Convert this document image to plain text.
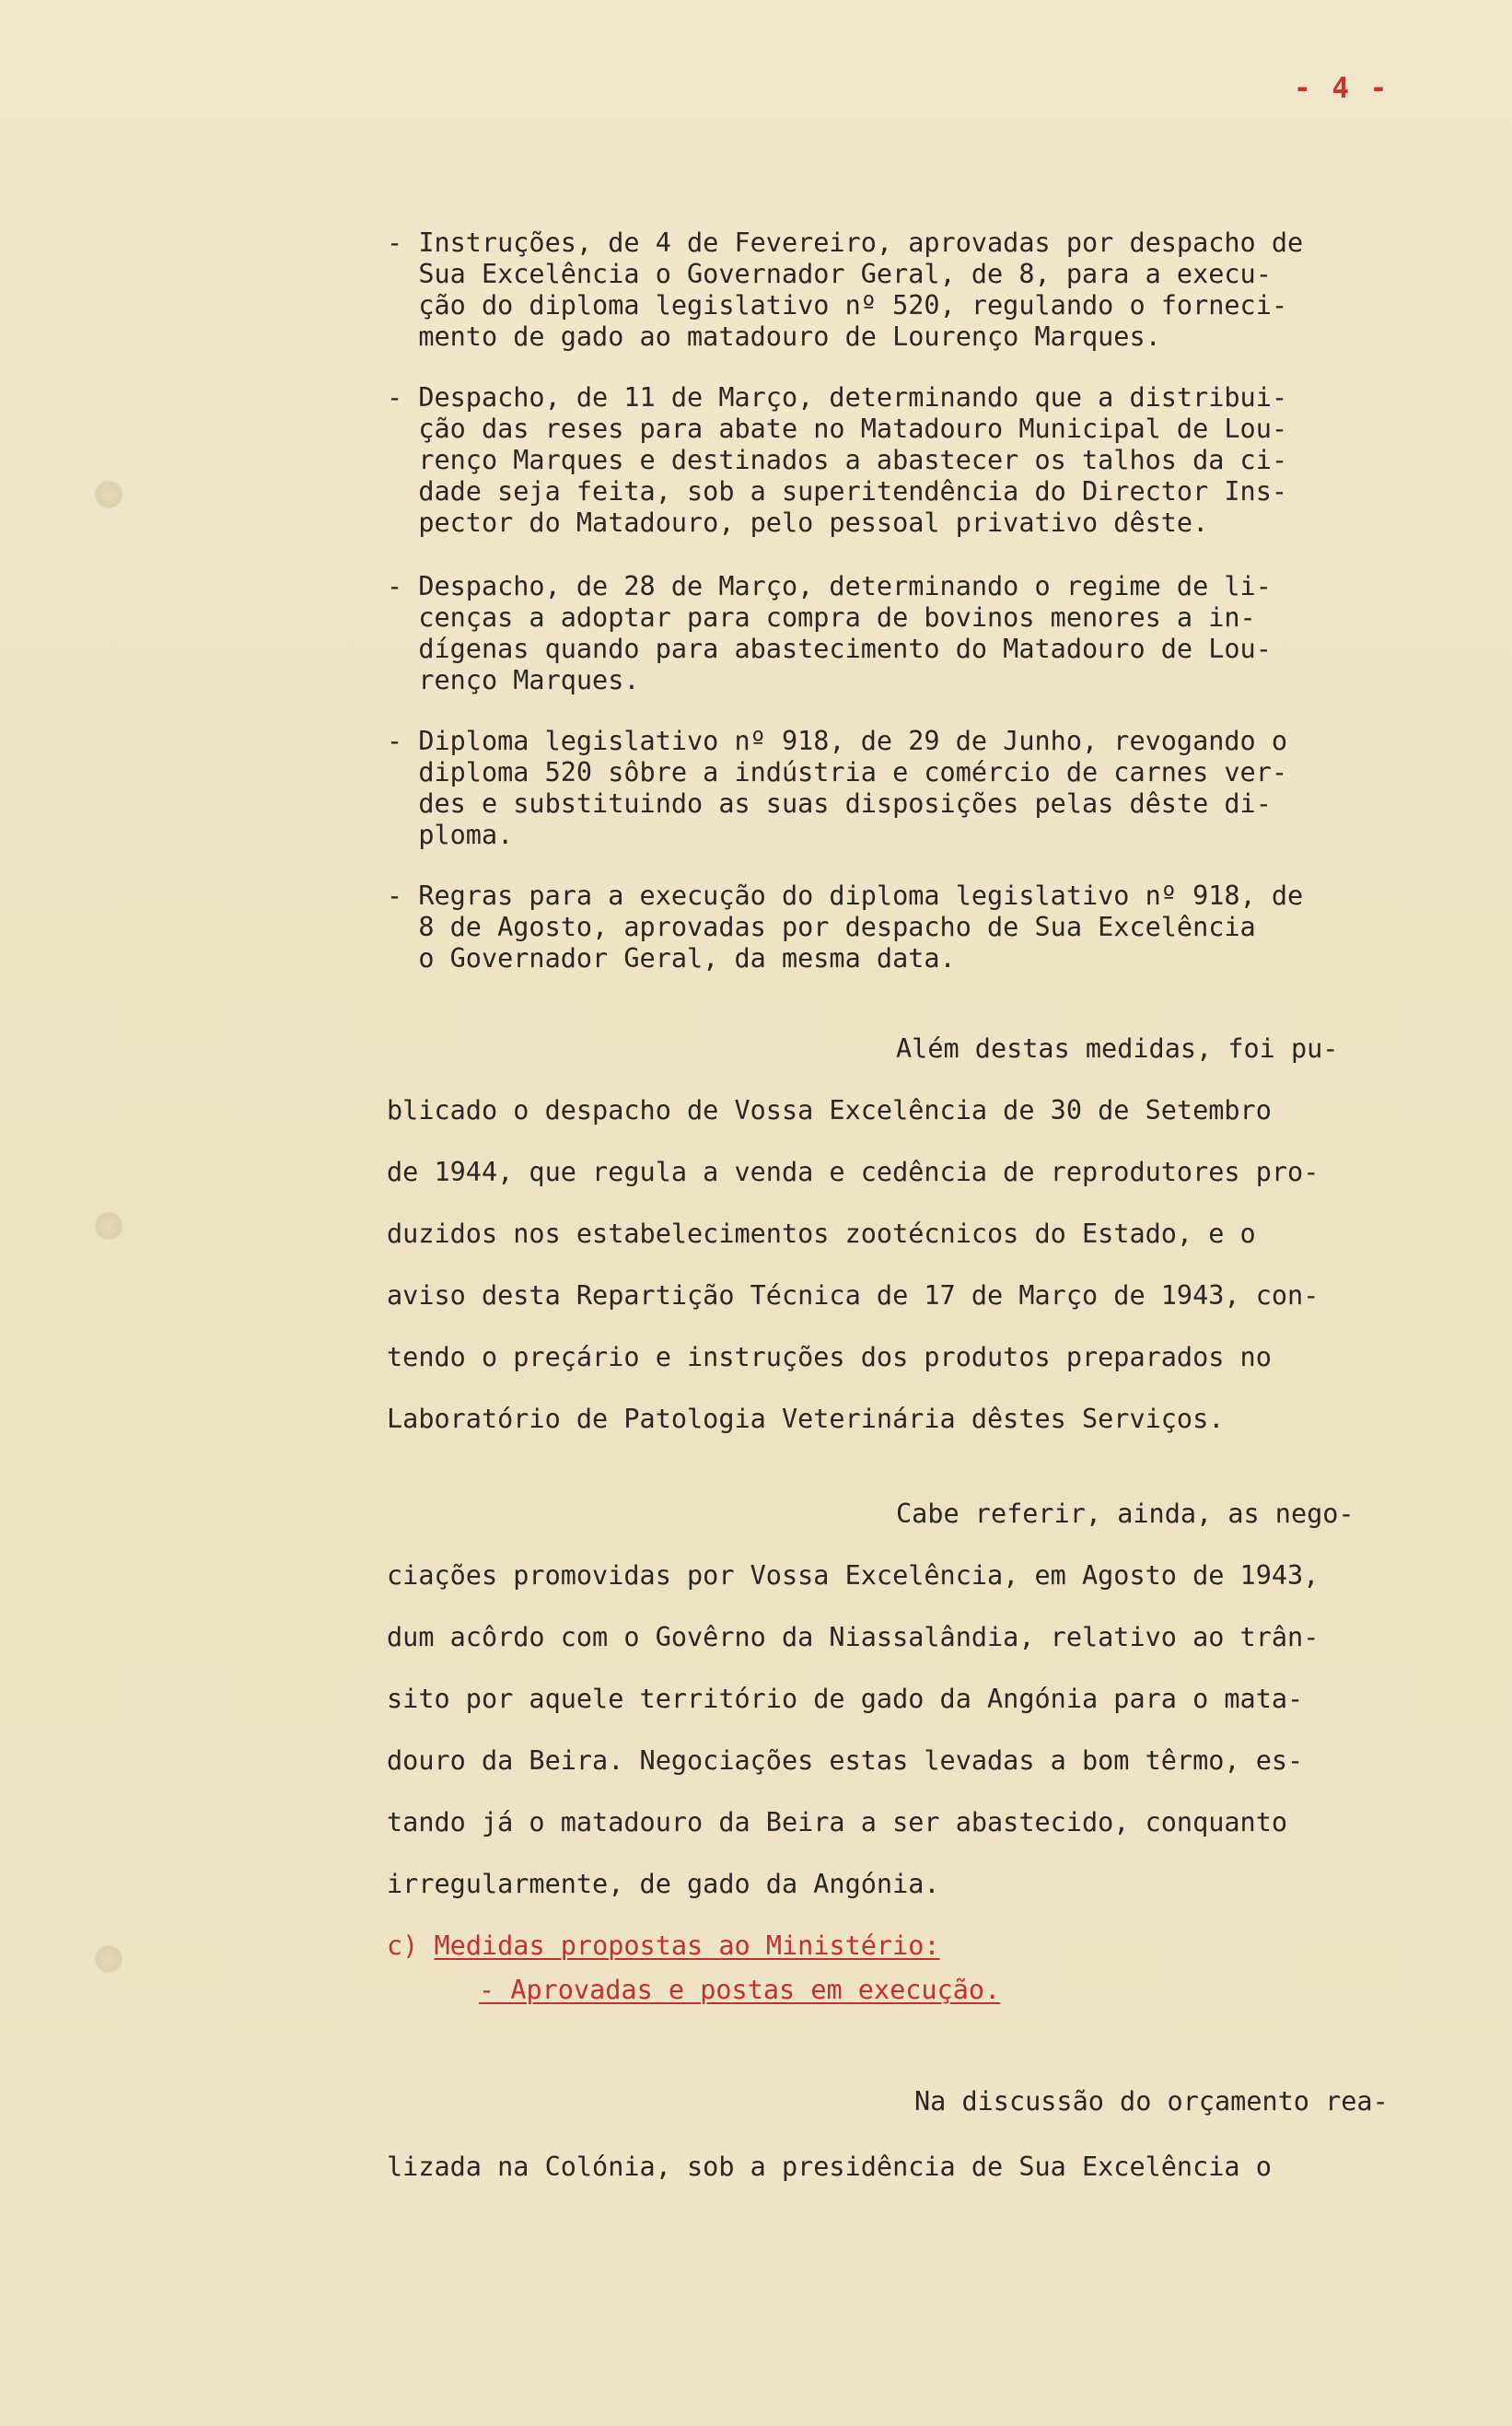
- 4 -
- Instruções, de 4 de Fevereiro, aprovadas por despacho de
Sua Excelência o Governador Geral, de 8, para a execu-
ção do diploma legislativo nº 520, regulando o forneci-
mento de gado ao matadouro de Lourenço Marques.
- Despacho, de 11 de Março, determinando que a distribui-
ção das reses para abate no Matadouro Municipal de Lou-
renço Marques e destinados a abastecer os talhos da ci-
dade seja feita, sob a superitendência do Director Ins-
pector do Matadouro, pelo pessoal privativo dêste.
- Despacho, de 28 de Março, determinando o regime de li-
cenças a adoptar para compra de bovinos menores a in-
dígenas quando para abastecimento do Matadouro de Lou-
renço Marques.
- Diploma legislativo nº 918, de 29 de Junho, revogando o
diploma 520 sôbre a indústria e comércio de carnes ver-
des e substituindo as suas disposições pelas dêste di-
ploma.
- Regras para a execução do diploma legislativo nº 918, de
8 de Agosto, aprovadas por despacho de Sua Excelência
o Governador Geral, da mesma data.
Além destas medidas, foi pu-
blicado o despacho de Vossa Excelência de 30 de Setembro
de 1944, que regula a venda e cedência de reprodutores pro-
duzidos nos estabelecimentos zootécnicos do Estado, e o
aviso desta Repartição Técnica de 17 de Março de 1943, con-
tendo o preçário e instruções dos produtos preparados no
Laboratório de Patologia Veterinária dêstes Serviços.
Cabe referir, ainda, as nego-
ciações promovidas por Vossa Excelência, em Agosto de 1943,
dum acôrdo com o Govêrno da Niassalândia, relativo ao trân-
sito por aquele território de gado da Angónia para o mata-
douro da Beira. Negociações estas levadas a bom têrmo, es-
tando já o matadouro da Beira a ser abastecido, conquanto
irregularmente, de gado da Angónia.
c) Medidas propostas ao Ministério:
- Aprovadas e postas em execução.
Na discussão do orçamento rea-
lizada na Colónia, sob a presidência de Sua Excelência o
